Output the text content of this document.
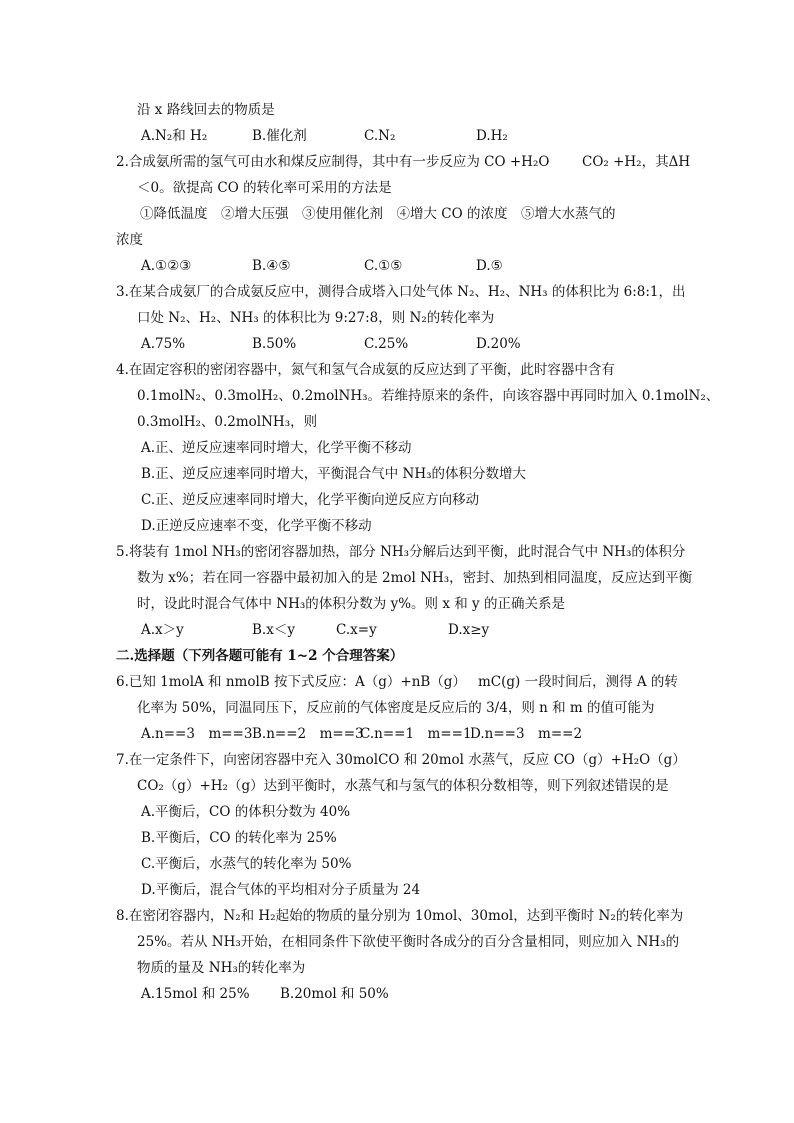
沿 x 路线回去的物质是
A.N₂和 H₂	B.催化剂	C.N₂	D.H₂
2.合成氨所需的氢气可由水和煤反应制得，其中有一步反应为 CO +H₂O CO₂ +H₂，其ΔH
＜0。欲提高 CO 的转化率可采用的方法是
①降低温度　②增大压强　③使用催化剂　④增大 CO 的浓度　⑤增大水蒸气的
浓度
A.①②③	B.④⑤	C.①⑤	D.⑤
3.在某合成氨厂的合成氨反应中，测得合成塔入口处气体 N₂、H₂、NH₃ 的体积比为 6:8:1，出
口处 N₂、H₂、NH₃ 的体积比为 9:27:8，则 N₂的转化率为
A.75%	B.50%	C.25%	D.20%
4.在固定容积的密闭容器中，氮气和氢气合成氨的反应达到了平衡，此时容器中含有
0.1molN₂、0.3molH₂、0.2molNH₃。若维持原来的条件，向该容器中再同时加入 0.1molN₂、
0.3molH₂、0.2molNH₃，则
A.正、逆反应速率同时增大，化学平衡不移动
B.正、逆反应速率同时增大，平衡混合气中 NH₃的体积分数增大
C.正、逆反应速率同时增大，化学平衡向逆反应方向移动
D.正逆反应速率不变，化学平衡不移动
5.将装有 1mol NH₃的密闭容器加热，部分 NH₃分解后达到平衡，此时混合气中 NH₃的体积分
数为 x%；若在同一容器中最初加入的是 2mol NH₃，密封、加热到相同温度，反应达到平衡
时，设此时混合气体中 NH₃的体积分数为 y%。则 x 和 y 的正确关系是
A.x＞y	B.x＜y	C.x=y	D.x≥y
二.选择题（下列各题可能有 1~2 个合理答案）
6.已知 1molA 和 nmolB 按下式反应：A（g）+nB（g） mC(g) 一段时间后，测得 A 的转
化率为 50%，同温同压下，反应前的气体密度是反应后的 3/4，则 n 和 m 的值可能为
A.n==3　m==3 B.n==2　m==3
C.n==1　m==1
D.n==3　m==2
7.在一定条件下，向密闭容器中充入 30molCO 和 20mol 水蒸气，反应 CO（g）+H₂O（g）
CO₂（g）+H₂（g）达到平衡时，水蒸气和与氢气的体积分数相等，则下列叙述错误的是
A.平衡后，CO 的体积分数为 40%
B.平衡后，CO 的转化率为 25%
C.平衡后，水蒸气的转化率为 50%
D.平衡后，混合气体的平均相对分子质量为 24
8.在密闭容器内，N₂和 H₂起始的物质的量分别为 10mol、30mol，达到平衡时 N₂的转化率为
25%。若从 NH₃开始，在相同条件下欲使平衡时各成分的百分含量相同，则应加入 NH₃的
物质的量及 NH₃的转化率为
A.15mol 和 25% B.20mol 和 50%
